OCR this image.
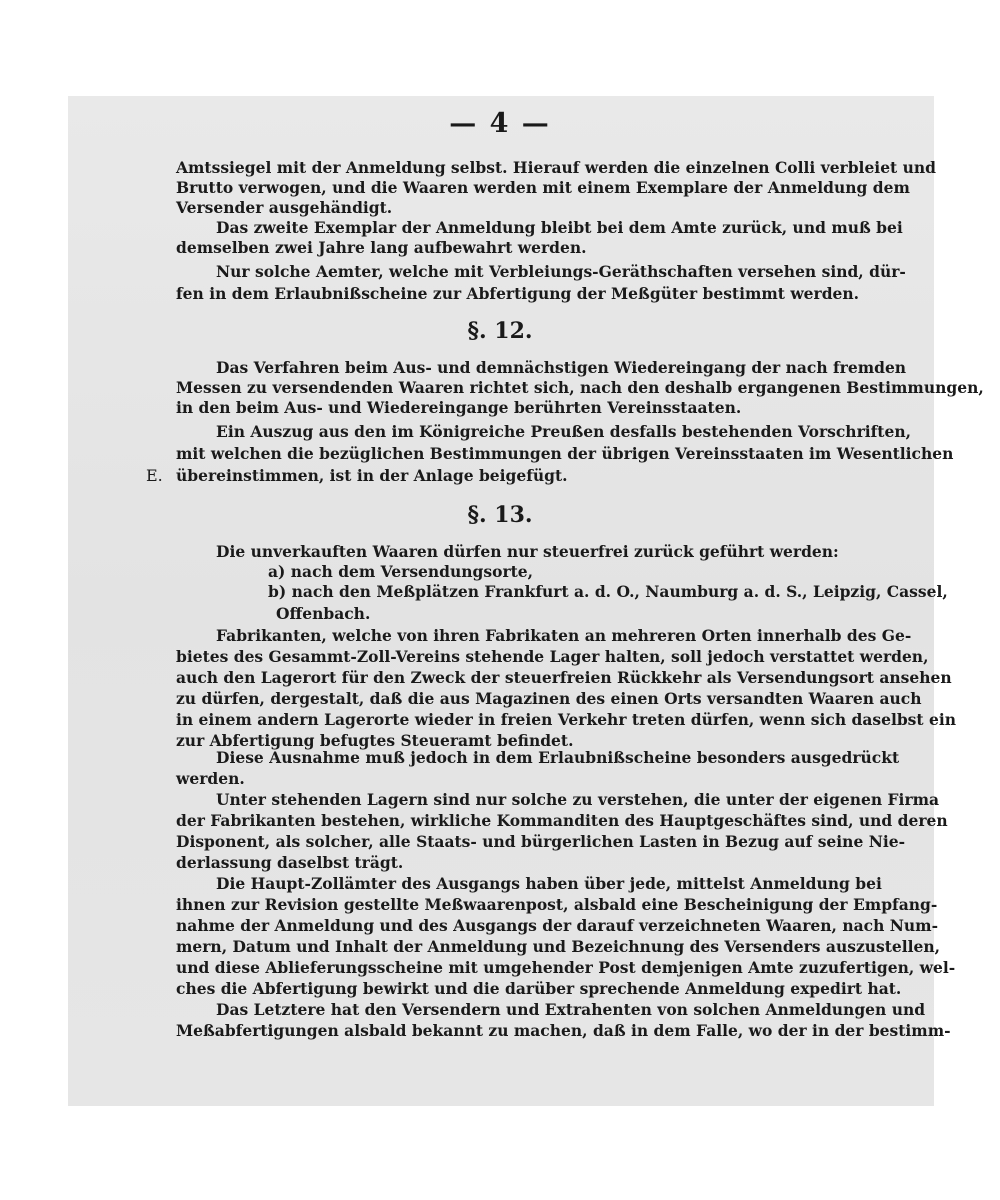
— 4 —
Amtssiegel mit der Anmeldung selbst. Hierauf werden die einzelnen Colli verbleiet und
Brutto verwogen, und die Waaren werden mit einem Exemplare der Anmeldung dem
Versender ausgehändigt.
Das zweite Exemplar der Anmeldung bleibt bei dem Amte zurück, und muß bei
demselben zwei Jahre lang aufbewahrt werden.
Nur solche Aemter, welche mit Verbleiungs-Geräthschaften versehen sind, dür-
fen in dem Erlaubnißscheine zur Abfertigung der Meßgüter bestimmt werden.
§. 12.
Das Verfahren beim Aus- und demnächstigen Wiedereingang der nach fremden
Messen zu versendenden Waaren richtet sich, nach den deshalb ergangenen Bestimmungen,
in den beim Aus- und Wiedereingange berührten Vereinsstaaten.
Ein Auszug aus den im Königreiche Preußen desfalls bestehenden Vorschriften,
mit welchen die bezüglichen Bestimmungen der übrigen Vereinsstaaten im Wesentlichen
übereinstimmen, ist in der Anlage beigefügt.
E.
§. 13.
Die unverkauften Waaren dürfen nur steuerfrei zurück geführt werden:
a) nach dem Versendungsorte,
b) nach den Meßplätzen Frankfurt a. d. O., Naumburg a. d. S., Leipzig, Cassel,
Offenbach.
Fabrikanten, welche von ihren Fabrikaten an mehreren Orten innerhalb des Ge-
bietes des Gesammt-Zoll-Vereins stehende Lager halten, soll jedoch verstattet werden,
auch den Lagerort für den Zweck der steuerfreien Rückkehr als Versendungsort ansehen
zu dürfen, dergestalt, daß die aus Magazinen des einen Orts versandten Waaren auch
in einem andern Lagerorte wieder in freien Verkehr treten dürfen, wenn sich daselbst ein
zur Abfertigung befugtes Steueramt befindet.
Diese Ausnahme muß jedoch in dem Erlaubnißscheine besonders ausgedrückt
werden.
Unter stehenden Lagern sind nur solche zu verstehen, die unter der eigenen Firma
der Fabrikanten bestehen, wirkliche Kommanditen des Hauptgeschäftes sind, und deren
Disponent, als solcher, alle Staats- und bürgerlichen Lasten in Bezug auf seine Nie-
derlassung daselbst trägt.
Die Haupt-Zollämter des Ausgangs haben über jede, mittelst Anmeldung bei
ihnen zur Revision gestellte Meßwaarenpost, alsbald eine Bescheinigung der Empfang-
nahme der Anmeldung und des Ausgangs der darauf verzeichneten Waaren, nach Num-
mern, Datum und Inhalt der Anmeldung und Bezeichnung des Versenders auszustellen,
und diese Ablieferungsscheine mit umgehender Post demjenigen Amte zuzufertigen, wel-
ches die Abfertigung bewirkt und die darüber sprechende Anmeldung expedirt hat.
Das Letztere hat den Versendern und Extrahenten von solchen Anmeldungen und
Meßabfertigungen alsbald bekannt zu machen, daß in dem Falle, wo der in der bestimm-
